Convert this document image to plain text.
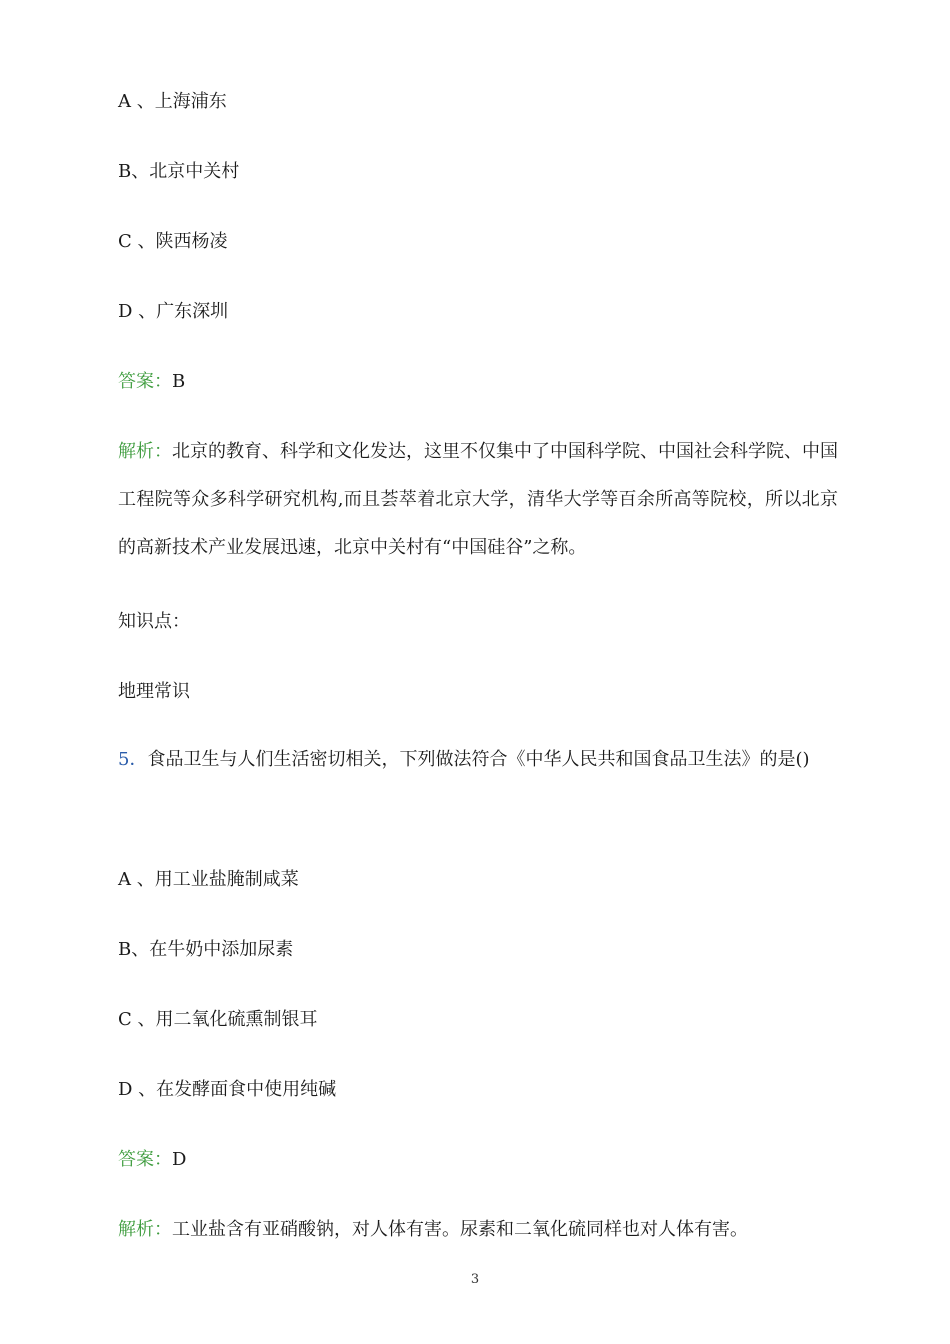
A 、上海浦东
B、北京中关村
C 、陕西杨凌
D 、广东深圳
答案：B
解析：北京的教育、科学和文化发达，这里不仅集中了中国科学院、中国社会科学院、中国工程院等众多科学研究机构,而且荟萃着北京大学，清华大学等百余所高等院校，所以北京的高新技术产业发展迅速，北京中关村有“中国硅谷”之称。
知识点：
地理常识
5．食品卫生与人们生活密切相关，下列做法符合《中华人民共和国食品卫生法》的是()
A 、用工业盐腌制咸菜
B、在牛奶中添加尿素
C 、用二氧化硫熏制银耳
D 、在发酵面食中使用纯碱
答案：D
解析：工业盐含有亚硝酸钠，对人体有害。尿素和二氧化硫同样也对人体有害。
3
